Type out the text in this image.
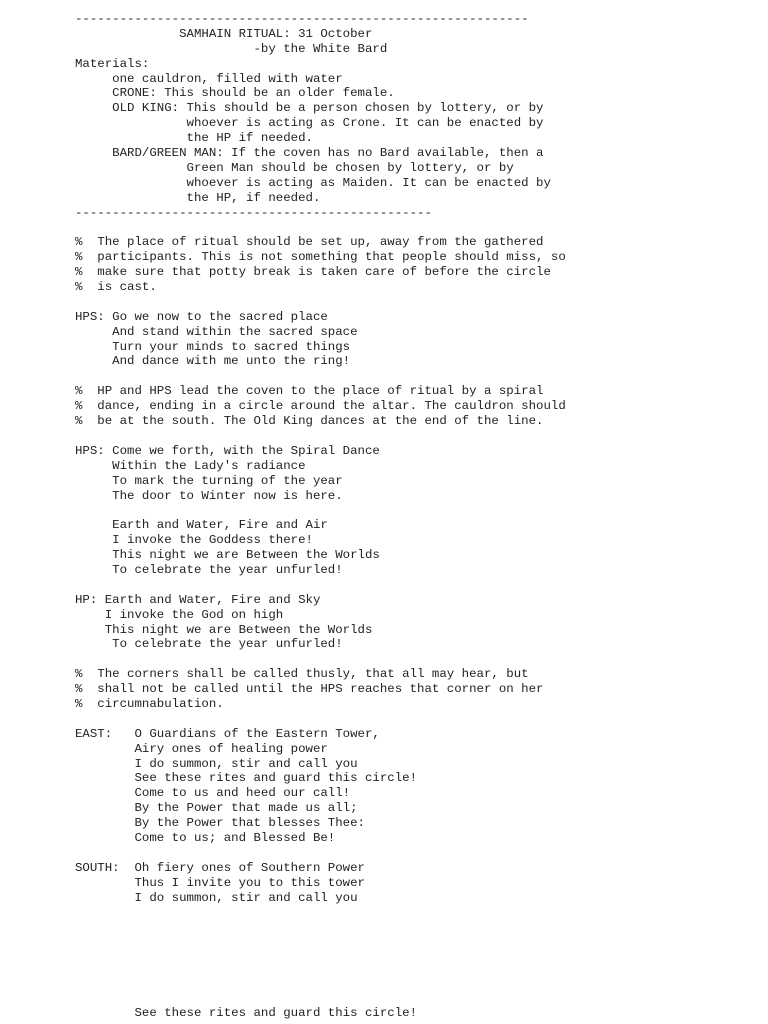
-------------------------------------------------------------
SAMHAIN RITUAL: 31 October
-by the White Bard
Materials:
one cauldron, filled with water
CRONE: This should be an older female.
OLD KING: This should be a person chosen by lottery, or by
whoever is acting as Crone. It can be enacted by
the HP if needed.
BARD/GREEN MAN: If the coven has no Bard available, then a
Green Man should be chosen by lottery, or by
whoever is acting as Maiden. It can be enacted by
the HP, if needed.
------------------------------------------------
%  The place of ritual should be set up, away from the gathered
%  participants. This is not something that people should miss, so
%  make sure that potty break is taken care of before the circle
%  is cast.
HPS: Go we now to the sacred place
And stand within the sacred space
Turn your minds to sacred things
And dance with me unto the ring!
%  HP and HPS lead the coven to the place of ritual by a spiral
%  dance, ending in a circle around the altar. The cauldron should
%  be at the south. The Old King dances at the end of the line.
HPS: Come we forth, with the Spiral Dance
Within the Lady's radiance
To mark the turning of the year
The door to Winter now is here.
Earth and Water, Fire and Air
I invoke the Goddess there!
This night we are Between the Worlds
To celebrate the year unfurled!
HP: Earth and Water, Fire and Sky
I invoke the God on high
This night we are Between the Worlds
To celebrate the year unfurled!
%  The corners shall be called thusly, that all may hear, but
%  shall not be called until the HPS reaches that corner on her
%  circumnabulation.
EAST:   O Guardians of the Eastern Tower,
Airy ones of healing power
I do summon, stir and call you
See these rites and guard this circle!
Come to us and heed our call!
By the Power that made us all;
By the Power that blesses Thee:
Come to us; and Blessed Be!
SOUTH:  Oh fiery ones of Southern Power
Thus I invite you to this tower
I do summon, stir and call you
See these rites and guard this circle!
